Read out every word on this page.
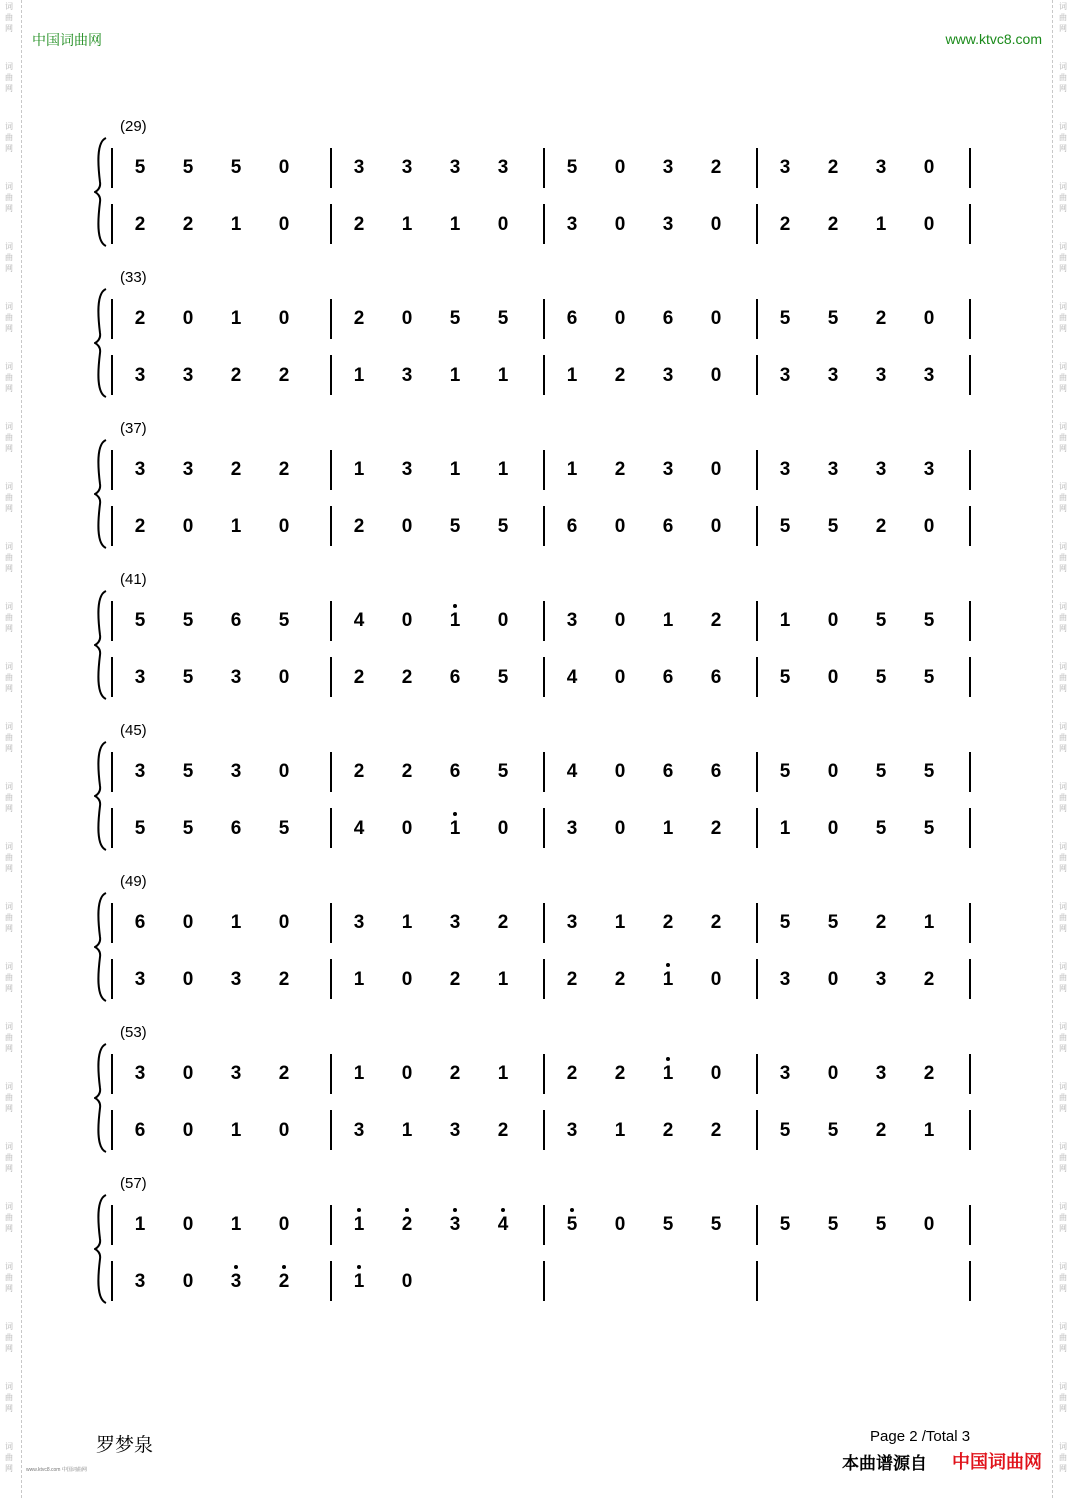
词
曲
网
词
曲
网
词
曲
网
词
曲
网
词
曲
网
词
曲
网
词
曲
网
词
曲
网
词
曲
网
词
曲
网
词
曲
网
词
曲
网
词
曲
网
词
曲
网
词
曲
网
词
曲
网
词
曲
网
词
曲
网
词
曲
网
词
曲
网
词
曲
网
词
曲
网
词
曲
网
词
曲
网
词
曲
网
词
曲
网
词
曲
网
词
曲
网
词
曲
网
词
曲
网
词
曲
网
词
曲
网
词
曲
网
词
曲
网
词
曲
网
词
曲
网
词
曲
网
词
曲
网
词
曲
网
词
曲
网
词
曲
网
词
曲
网
词
曲
网
词
曲
网
词
曲
网
词
曲
网
词
曲
网
词
曲
网
词
曲
网
词
曲
网
中国词曲网	www.ktvc8.com
(29)
5	5	5	0	3	3	3	3	5	0	3	2	3	2	3	0
2	2	1	0	2	1	1	0	3	0	3	0	2	2	1	0
(33)
2	0	1	0	2	0	5	5	6	0	6	0	5	5	2	0
3	3	2	2	1	3	1	1	1	2	3	0	3	3	3	3
(37)
3	3	2	2	1	3	1	1	1	2	3	0	3	3	3	3
2	0	1	0	2	0	5	5	6	0	6	0	5	5	2	0
(41)
5	5	6	5	4	0	1	0	3	0	1	2	1	0	5	5
3	5	3	0	2	2	6	5	4	0	6	6	5	0	5	5
(45)
3	5	3	0	2	2	6	5	4	0	6	6	5	0	5	5
5	5	6	5	4	0	1	0	3	0	1	2	1	0	5	5
(49)
6	0	1	0	3	1	3	2	3	1	2	2	5	5	2	1
3	0	3	2	1	0	2	1	2	2	1	0	3	0	3	2
(53)
3	0	3	2	1	0	2	1	2	2	1	0	3	0	3	2
6	0	1	0	3	1	3	2	3	1	2	2	5	5	2	1
(57)
1	0	1	0	1	2	3	4	5	0	5	5	5	5	5	0
3	0	3	2	1	0
罗梦泉	Page 2 /Total 3
本曲谱源自 中国词曲网
www.ktvc8.com 中国词曲网
